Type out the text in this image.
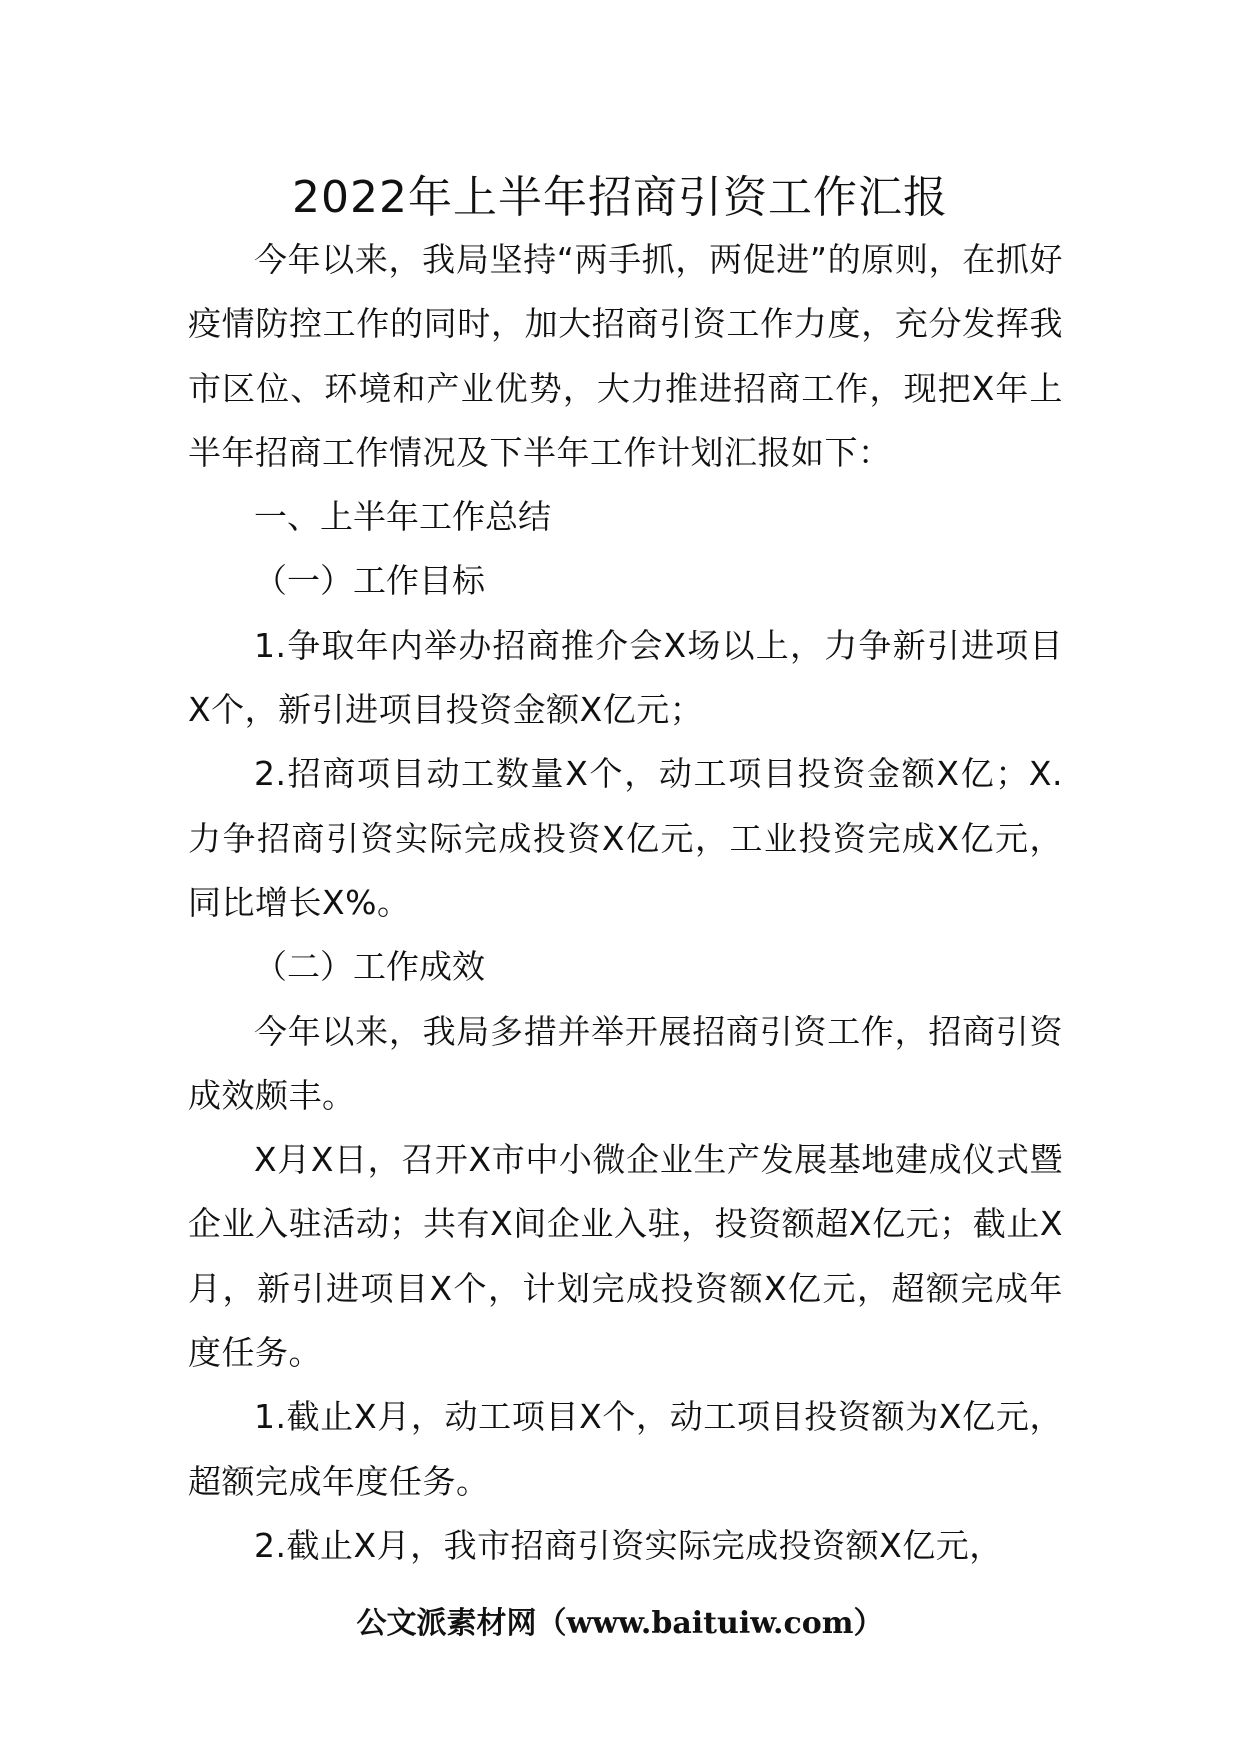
2022年上半年招商引资工作汇报

今年以来，我局坚持“两手抓，两促进”的原则，在抓好疫情防控工作的同时，加大招商引资工作力度，充分发挥我市区位、环境和产业优势，大力推进招商工作，现把X年上半年招商工作情况及下半年工作计划汇报如下：

一、上半年工作总结

（一）工作目标

1.争取年内举办招商推介会X场以上，力争新引进项目X个，新引进项目投资金额X亿元；

2.招商项目动工数量X个，动工项目投资金额X亿；X.力争招商引资实际完成投资X亿元，工业投资完成X亿元，同比增长X%。

（二）工作成效

今年以来，我局多措并举开展招商引资工作，招商引资成效颇丰。

X月X日，召开X市中小微企业生产发展基地建成仪式暨企业入驻活动；共有X间企业入驻，投资额超X亿元；截止X月，新引进项目X个，计划完成投资额X亿元，超额完成年度任务。

1.截止X月，动工项目X个，动工项目投资额为X亿元，超额完成年度任务。

2.截止X月，我市招商引资实际完成投资额X亿元，

公文派素材网（www.baituiw.com）
